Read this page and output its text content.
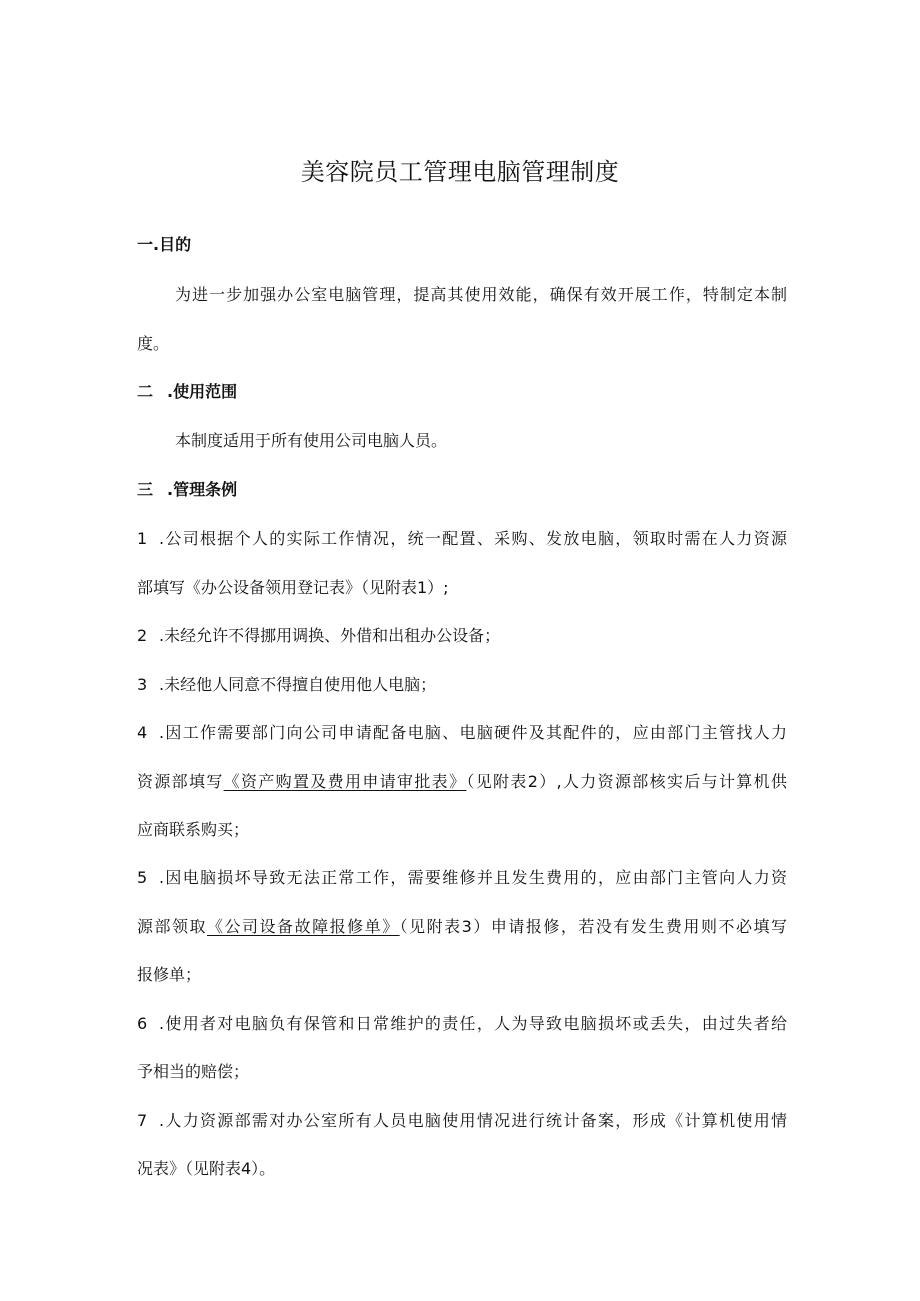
美容院员工管理电脑管理制度

一.目的

为进一步加强办公室电脑管理，提高其使用效能，确保有效开展工作，特制定本制

度。

二 .使用范围

本制度适用于所有使用公司电脑人员。

三 .管理条例

1 .公司根据个人的实际工作情况，统一配置、采购、发放电脑，领取时需在人力资源

部填写《办公设备领用登记表》（见附表1）;

2 .未经允许不得挪用调换、外借和出租办公设备；

3 .未经他人同意不得擅自使用他人电脑；

4 .因工作需要部门向公司申请配备电脑、电脑硬件及其配件的，应由部门主管找人力

资源部填写《资产购置及费用申请审批表》（见附表2）,人力资源部核实后与计算机供

应商联系购买；

5 .因电脑损坏导致无法正常工作，需要维修并且发生费用的，应由部门主管向人力资

源部领取《公司设备故障报修单》（见附表3）申请报修，若没有发生费用则不必填写

报修单；

6 .使用者对电脑负有保管和日常维护的责任，人为导致电脑损坏或丢失，由过失者给

予相当的赔偿；

7 .人力资源部需对办公室所有人员电脑使用情况进行统计备案，形成《计算机使用情

况表》（见附表4）。
